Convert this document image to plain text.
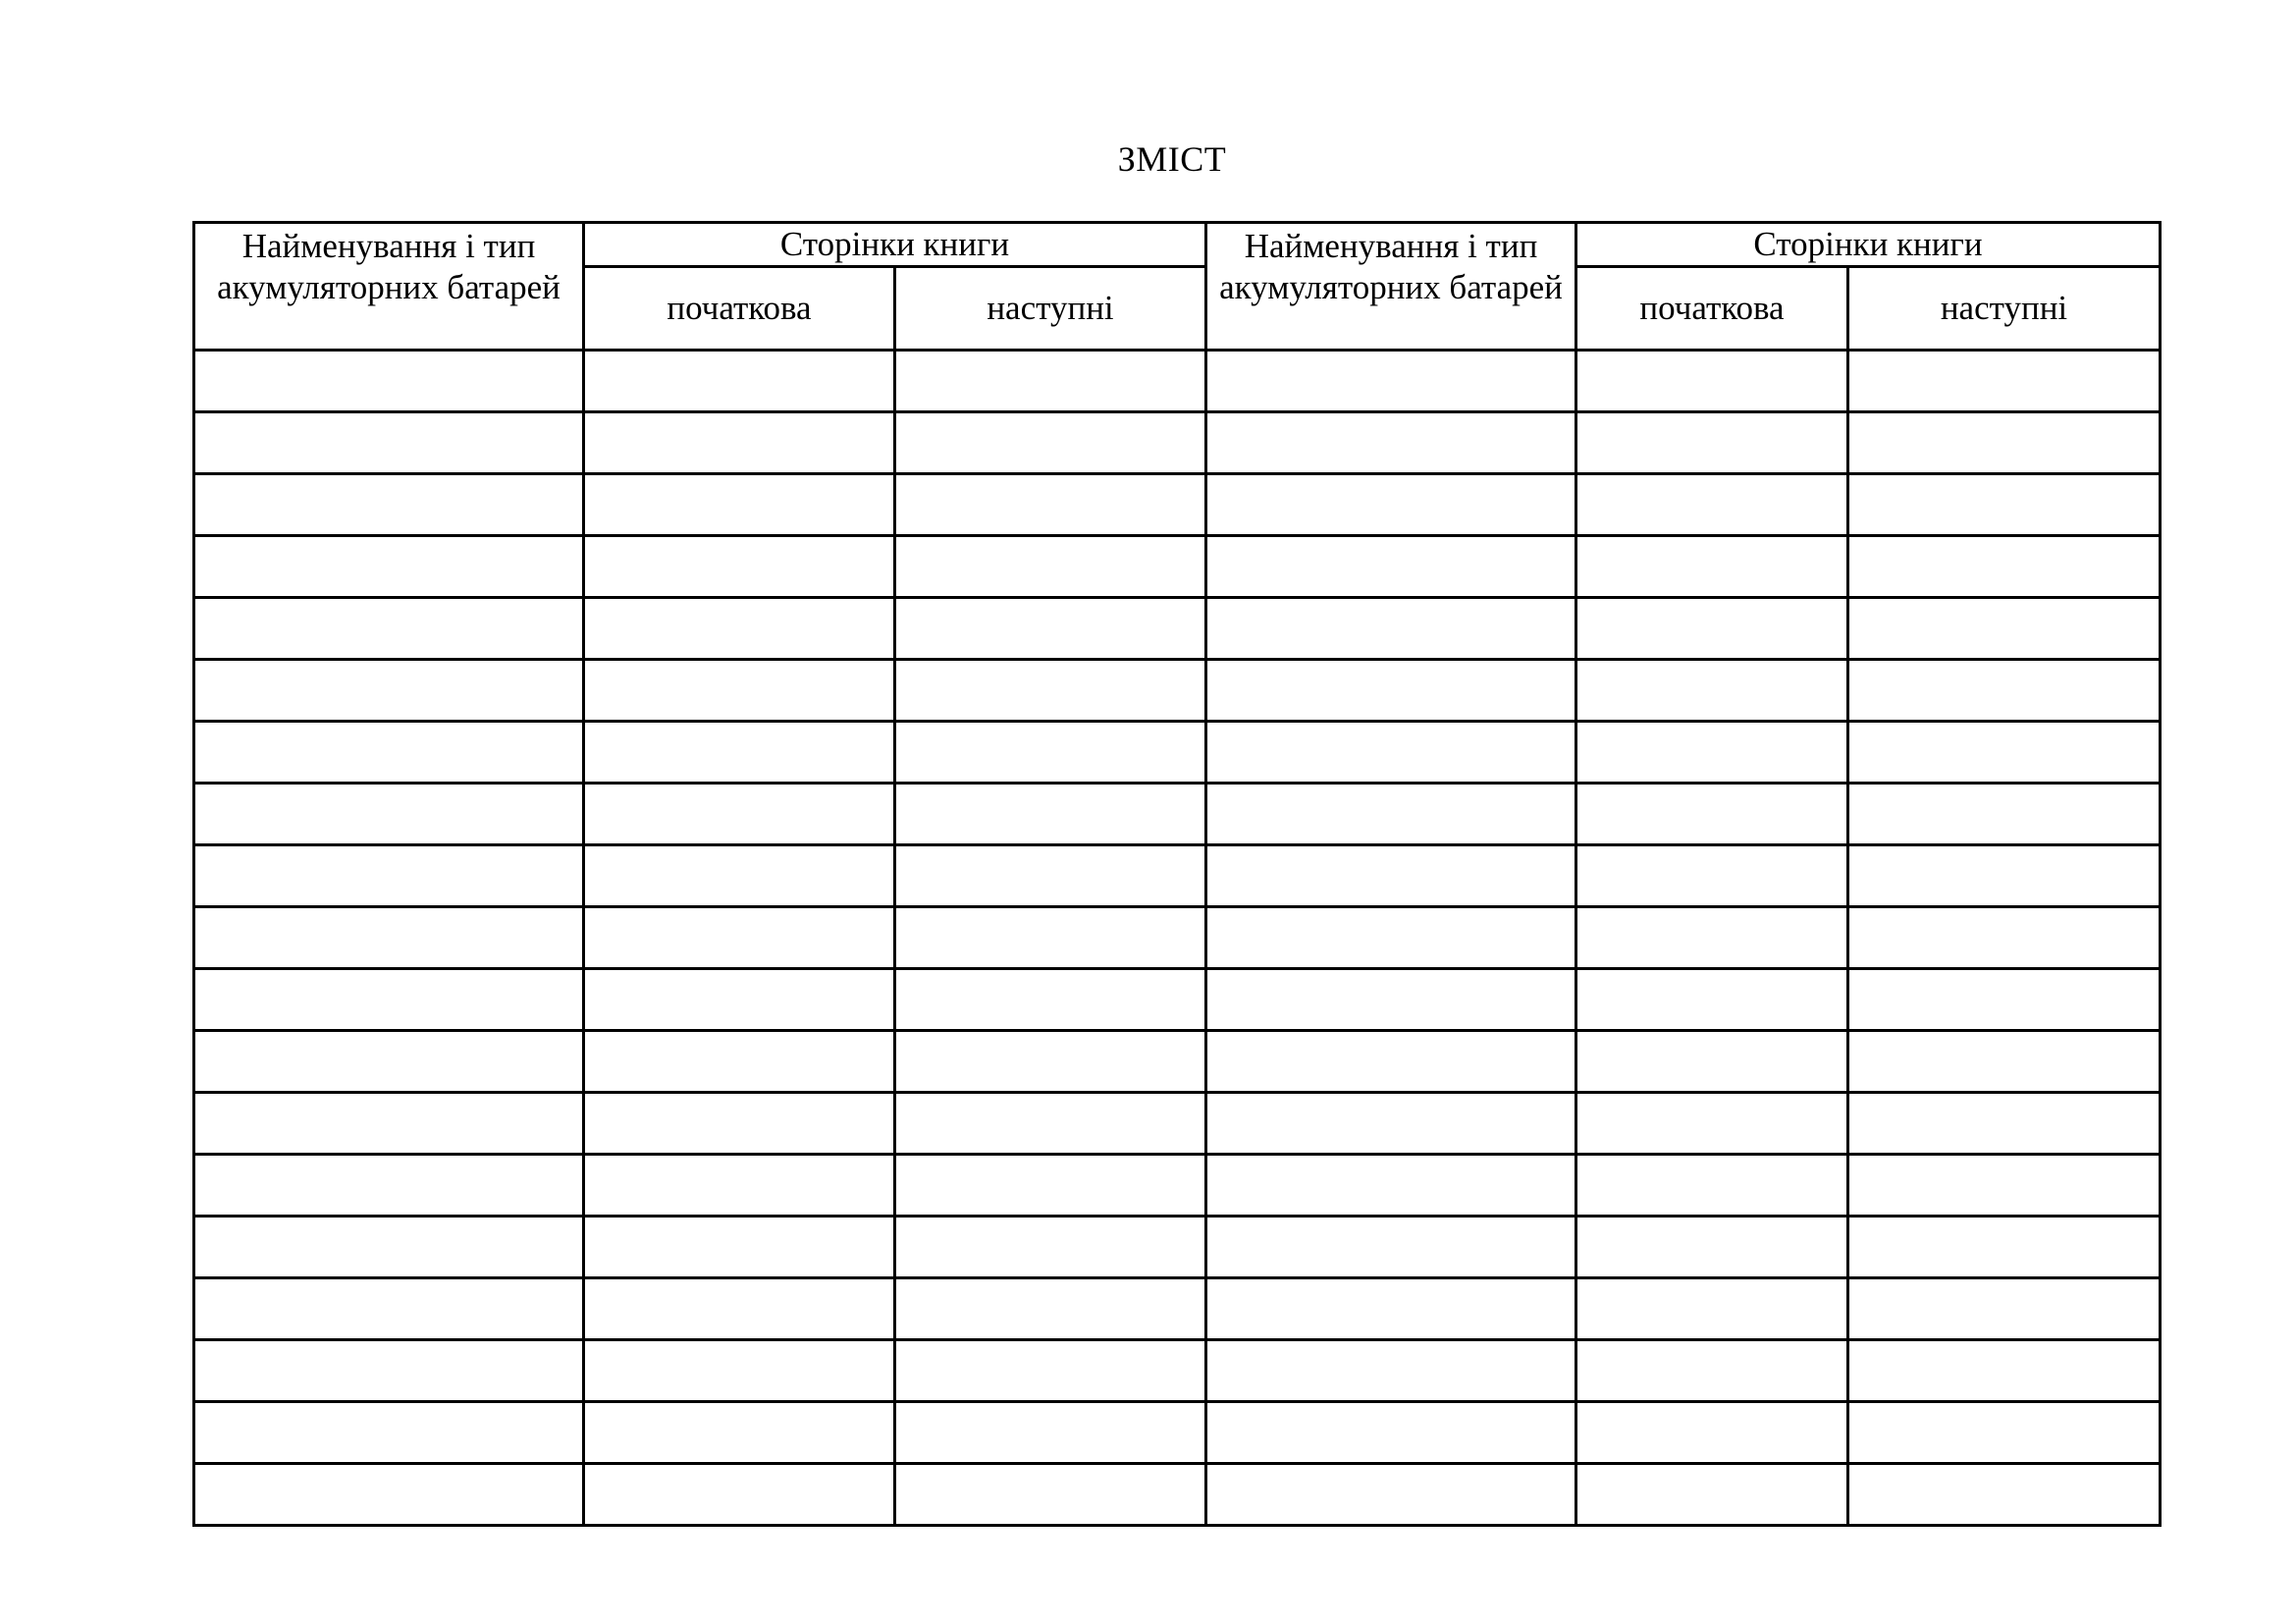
ЗМІСТ
Найменування і тип акумуляторних батарей	Сторінки книги		Найменування і тип акумуляторних батарей	Сторінки книги	
	початкова	наступні		початкова	наступні
